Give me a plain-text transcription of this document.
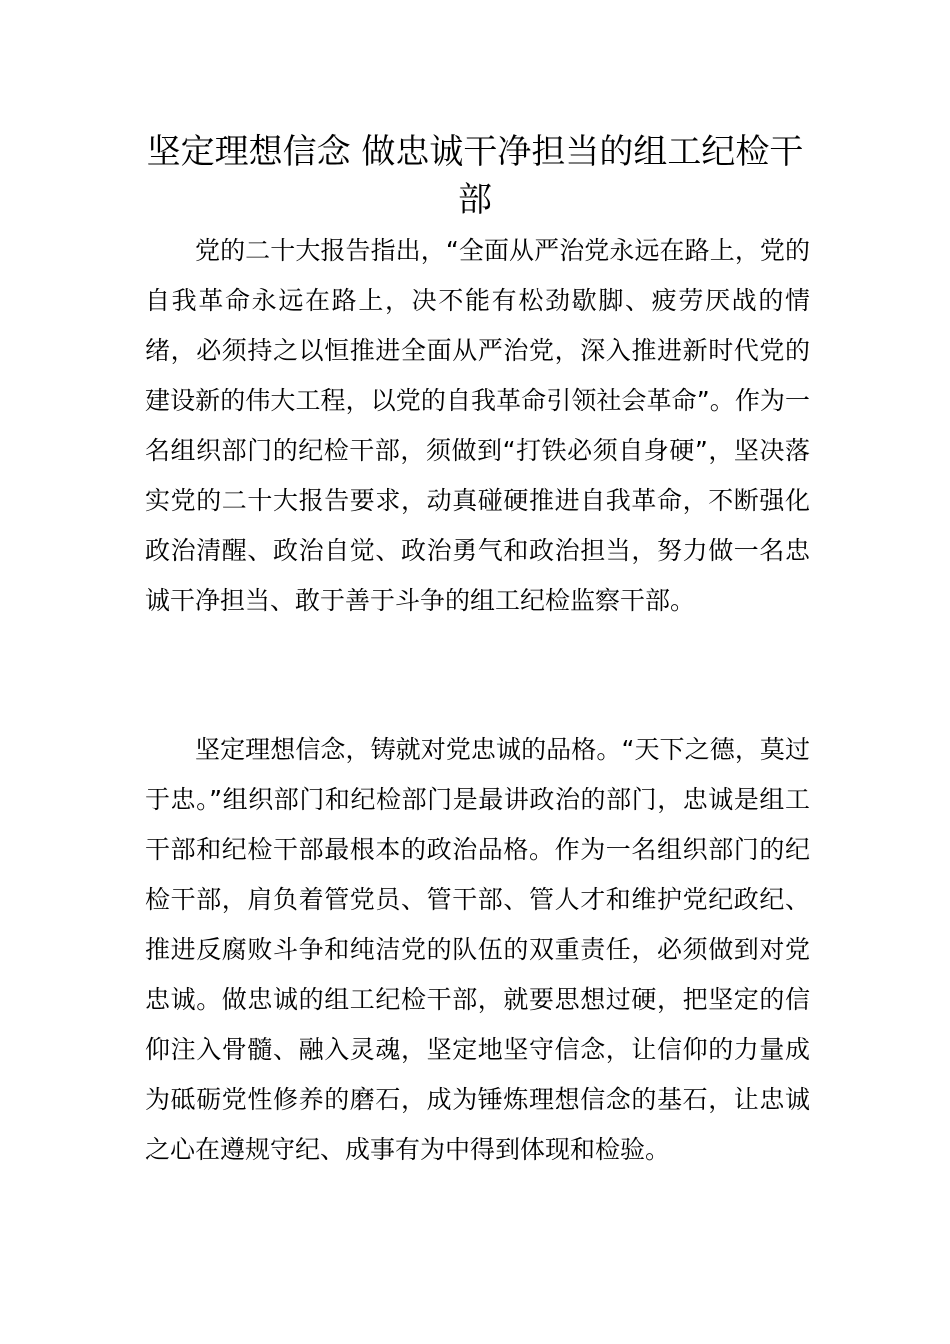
坚定理想信念 做忠诚干净担当的组工纪检干部

党的二十大报告指出，“全面从严治党永远在路上，党的自我革命永远在路上，决不能有松劲歇脚、疲劳厌战的情绪，必须持之以恒推进全面从严治党，深入推进新时代党的建设新的伟大工程，以党的自我革命引领社会革命”。作为一名组织部门的纪检干部，须做到“打铁必须自身硬”，坚决落实党的二十大报告要求，动真碰硬推进自我革命，不断强化政治清醒、政治自觉、政治勇气和政治担当，努力做一名忠诚干净担当、敢于善于斗争的组工纪检监察干部。

坚定理想信念，铸就对党忠诚的品格。“天下之德，莫过于忠。”组织部门和纪检部门是最讲政治的部门，忠诚是组工干部和纪检干部最根本的政治品格。作为一名组织部门的纪检干部，肩负着管党员、管干部、管人才和维护党纪政纪、推进反腐败斗争和纯洁党的队伍的双重责任，必须做到对党忠诚。做忠诚的组工纪检干部，就要思想过硬，把坚定的信仰注入骨髓、融入灵魂，坚定地坚守信念，让信仰的力量成为砥砺党性修养的磨石，成为锤炼理想信念的基石，让忠诚之心在遵规守纪、成事有为中得到体现和检验。
